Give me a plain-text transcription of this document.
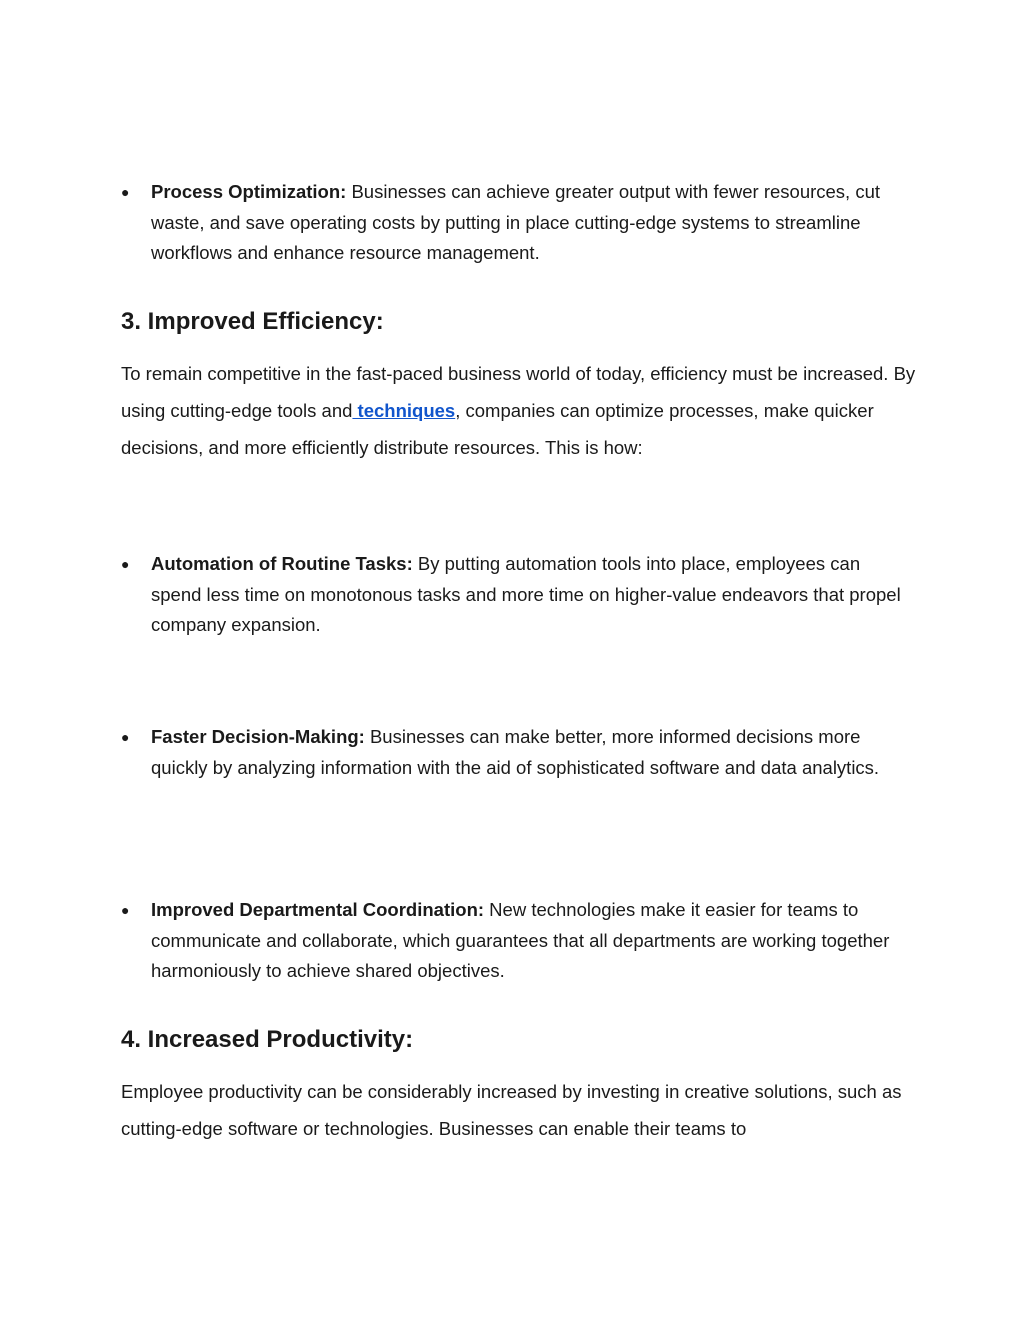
●	Process Optimization: Businesses can achieve greater output with fewer resources, cut waste, and save operating costs by putting in place cutting-edge systems to streamline workflows and enhance resource management.
3. Improved Efficiency:
To remain competitive in the fast-paced business world of today, efficiency must be increased. By using cutting-edge tools and techniques, companies can optimize processes, make quicker decisions, and more efficiently distribute resources. This is how:
●	Automation of Routine Tasks: By putting automation tools into place, employees can spend less time on monotonous tasks and more time on higher-value endeavors that propel company expansion.
●	Faster Decision-Making: Businesses can make better, more informed decisions more quickly by analyzing information with the aid of sophisticated software and data analytics.
●	Improved Departmental Coordination: New technologies make it easier for teams to communicate and collaborate, which guarantees that all departments are working together harmoniously to achieve shared objectives.
4. Increased Productivity:
Employee productivity can be considerably increased by investing in creative solutions, such as cutting-edge software or technologies. Businesses can enable their teams to
